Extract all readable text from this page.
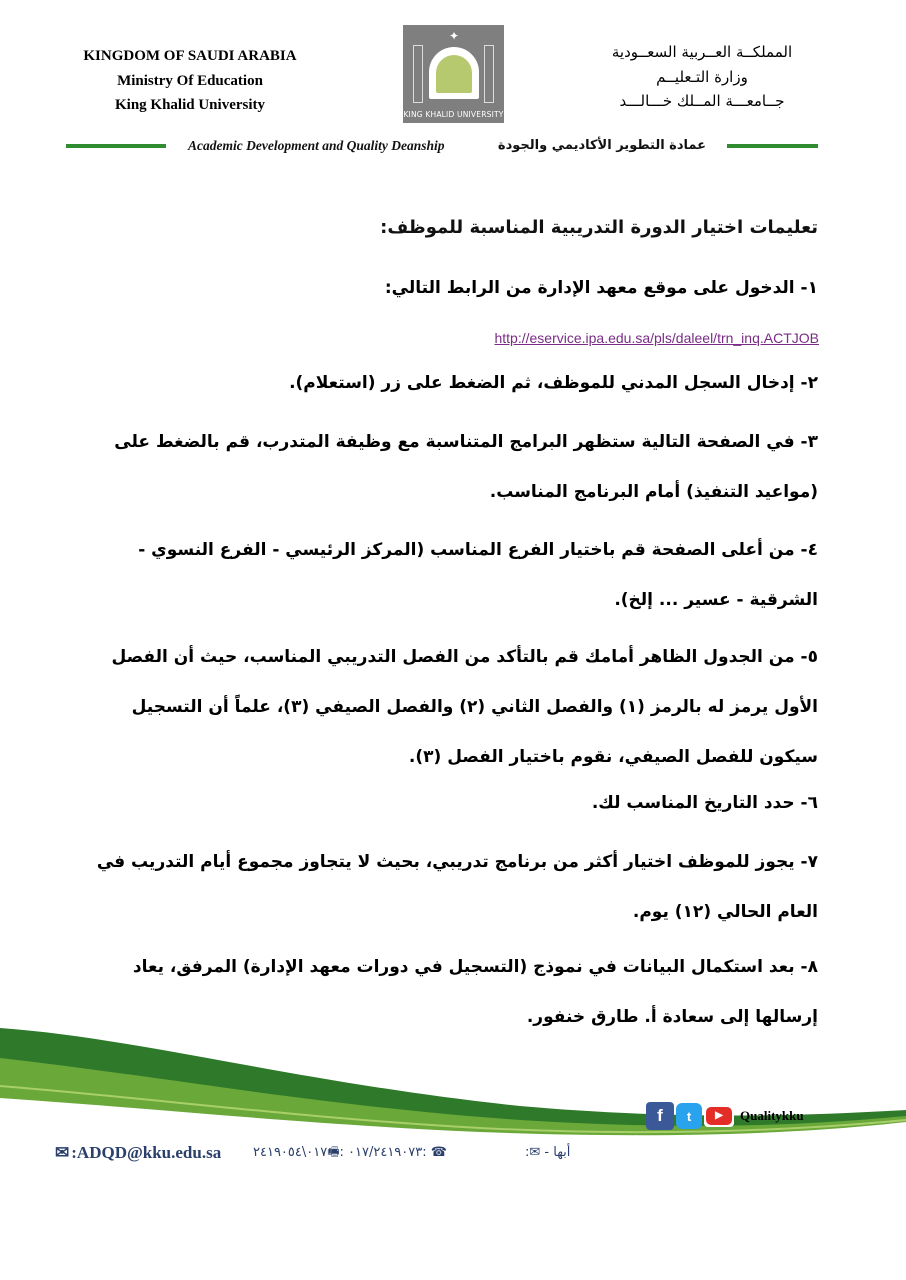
KINGDOM OF SAUDI ARABIA
Ministry Of Education
King Khalid University
✦
KING KHALID UNIVERSITY
المملكــة العــربية السعــودية
وزارة التـعليــم
جــامعـــة المــلك خـــالـــد
Academic Development and Quality Deanship	عمادة التطوير الأكاديمي والجودة
تعليمات اختيار الدورة التدريبية المناسبة للموظف:
١- الدخول على موقع معهد الإدارة من الرابط التالي:
http://eservice.ipa.edu.sa/pls/daleel/trn_inq.ACTJOB
٢- إدخال السجل المدني للموظف، ثم الضغط على زر (استعلام).
٣- في الصفحة التالية ستظهر البرامج المتناسبة مع وظيفة المتدرب، قم بالضغط على (مواعيد التنفيذ) أمام البرنامج المناسب.
٤- من أعلى الصفحة قم باختيار الفرع المناسب (المركز الرئيسي - الفرع النسوي - الشرقية - عسير ... إلخ).
٥- من الجدول الظاهر أمامك قم بالتأكد من الفصل التدريبي المناسب، حيث أن الفصل الأول يرمز له بالرمز (١) والفصل الثاني (٢) والفصل الصيفي (٣)، علماً أن التسجيل سيكون للفصل الصيفي، نقوم باختيار الفصل (٣).
٦- حدد التاريخ المناسب لك.
٧- يجوز للموظف اختيار أكثر من برنامج تدريبي، بحيث لا يتجاوز مجموع أيام التدريب في العام الحالي (١٢) يوم.
٨- بعد استكمال البيانات في نموذج (التسجيل في دورات معهد الإدارة) المرفق، يعاد إرسالها إلى سعادة أ. طارق خنفور.
f	t	▶	Qualitykku
✉ :ADQD@kku.edu.sa ٠١٧/٢٤١٩٠٧٣ :🖷٠١٧\٢٤١٩٠٥٤: ☎	أبها - ✉:
